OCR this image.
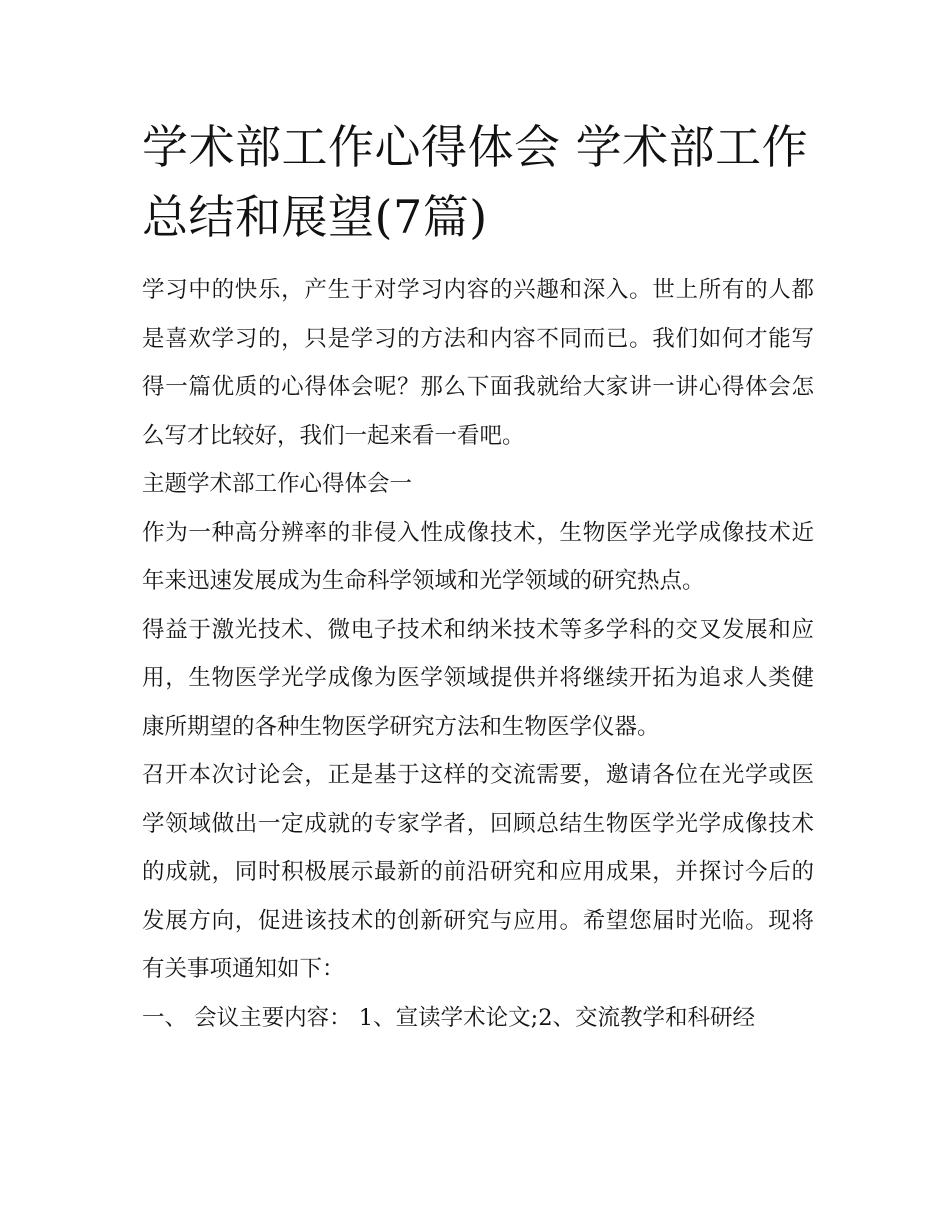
学术部工作心得体会 学术部工作总结和展望(7篇)

学习中的快乐，产生于对学习内容的兴趣和深入。世上所有的人都是喜欢学习的，只是学习的方法和内容不同而已。我们如何才能写得一篇优质的心得体会呢？那么下面我就给大家讲一讲心得体会怎么写才比较好，我们一起来看一看吧。

主题学术部工作心得体会一

作为一种高分辨率的非侵入性成像技术，生物医学光学成像技术近年来迅速发展成为生命科学领域和光学领域的研究热点。

得益于激光技术、微电子技术和纳米技术等多学科的交叉发展和应用，生物医学光学成像为医学领域提供并将继续开拓为追求人类健康所期望的各种生物医学研究方法和生物医学仪器。

召开本次讨论会，正是基于这样的交流需要，邀请各位在光学或医学领域做出一定成就的专家学者，回顾总结生物医学光学成像技术的成就，同时积极展示最新的前沿研究和应用成果，并探讨今后的发展方向，促进该技术的创新研究与应用。希望您届时光临。现将有关事项通知如下：

一、 会议主要内容： 1、宣读学术论文;2、交流教学和科研经
